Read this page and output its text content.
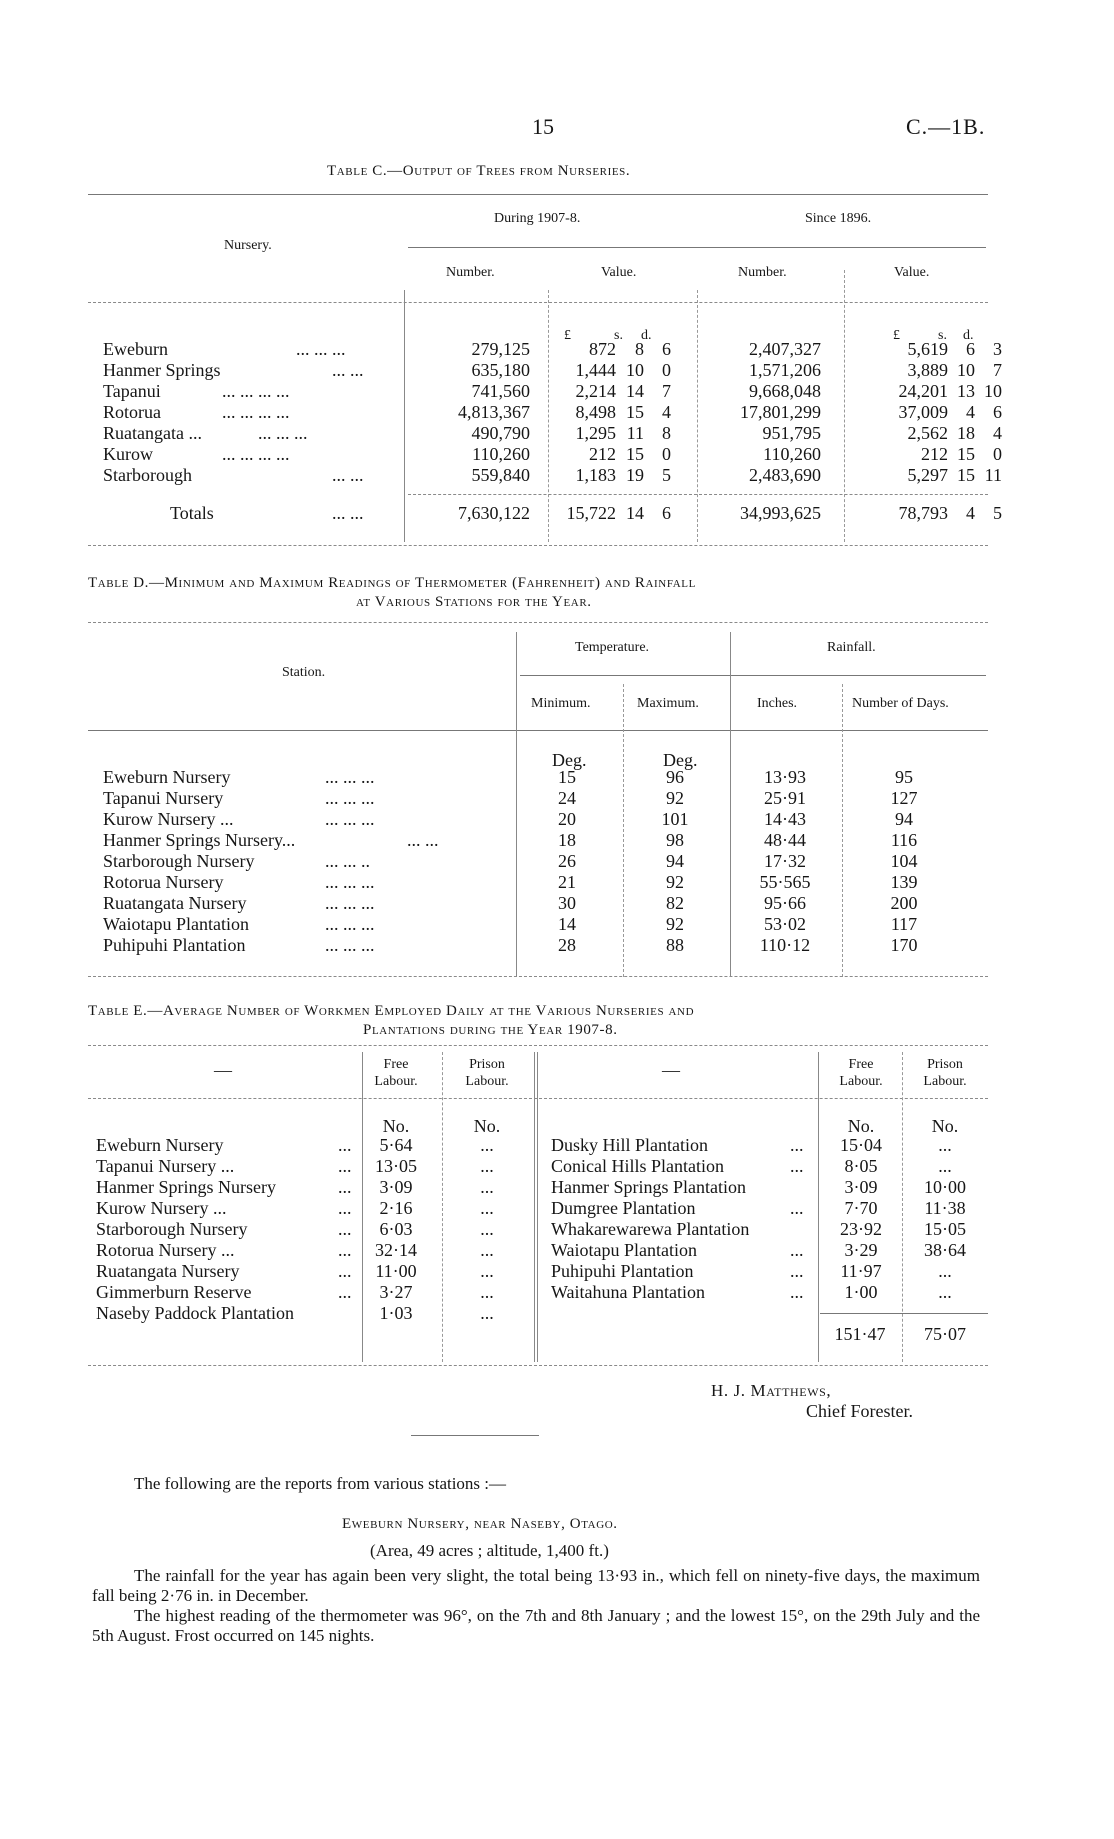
15	C.—1B.
Table C.—Output of Trees from Nurseries.
During 1907-8.	Since 1896.
Nursery.
Number.	Value.	Number.	Value.
£	s. d.	£	s. d.
Eweburn	... ... ...	279,125	872 8 6	2,407,327	5,619 6 3
Hanmer Springs	... ...	635,180	1,444 10 0	1,571,206	3,889 10 7
Tapanui	... ... ... ...	741,560	2,214 14 7	9,668,048	24,201 13 10
Rotorua	... ... ... ...	4,813,367	8,498 15 4	17,801,299	37,009 4 6
Ruatangata ...	... ... ...	490,790	1,295 11 8	951,795	2,562 18 4
Kurow	... ... ... ...	110,260	212 15 0	110,260	212 15 0
Starborough	... ...	559,840	1,183 19 5	2,483,690	5,297 15 11
Totals	... ...	7,630,122 15,722 14 6	34,993,625	78,793 4 5
Table D.—Minimum and Maximum Readings of Thermometer (Fahrenheit) and Rainfall
at Various Stations for the Year.
Temperature.	Rainfall.
Station.
Minimum.	Maximum.	Inches.	Number of Days.
Deg.	Deg.
Eweburn Nursery	... ... ...	15	96	13·93	95
Tapanui Nursery	... ... ...	24	92	25·91	127
Kurow Nursery ...	... ... ...	20	101	14·43	94
Hanmer Springs Nursery...	... ...	18	98	48·44	116
Starborough Nursery	... ... ..	26	94	17·32	104
Rotorua Nursery	... ... ...	21	92	55·565	139
Ruatangata Nursery	... ... ...	30	82	95·66	200
Waiotapu Plantation	... ... ...	14	92	53·02	117
Puhipuhi Plantation	... ... ...	28	88	110·12	170
Table E.—Average Number of Workmen Employed Daily at the Various Nurseries and
Plantations during the Year 1907-8.
—	Free
Labour.
Prison
Labour.
—	Free
Labour.
Prison
Labour.
No.	No.	No.	No.
Eweburn Nursery	...	5·64	...	Dusky Hill Plantation	...	15·04	...
Tapanui Nursery ...	...	13·05	...	Conical Hills Plantation	...	8·05	...
Hanmer Springs Nursery	...	3·09	...	Hanmer Springs Plantation	3·09	10·00
Kurow Nursery ...	...	2·16	...	Dumgree Plantation	...	7·70	11·38
Starborough Nursery	...	6·03	...	Whakarewarewa Plantation	23·92	15·05
Rotorua Nursery ...	...	32·14	...	Waiotapu Plantation	...	3·29	38·64
Ruatangata Nursery	...	11·00	...	Puhipuhi Plantation	...	11·97	...
Gimmerburn Reserve	...	3·27	...	Waitahuna Plantation	...	1·00	...
Naseby Paddock Plantation	1·03	...
151·47	75·07
H. J. Matthews,
Chief Forester.
The following are the reports from various stations :—
Eweburn Nursery, near Naseby, Otago.
(Area, 49 acres ; altitude, 1,400 ft.)

The rainfall for the year has again been very slight, the total being 13·93 in., which fell on ninety-five days, the maximum fall being 2·76 in. in December.

The highest reading of the thermometer was 96°, on the 7th and 8th January ; and the lowest 15°, on the 29th July and the 5th August. Frost occurred on 145 nights.
